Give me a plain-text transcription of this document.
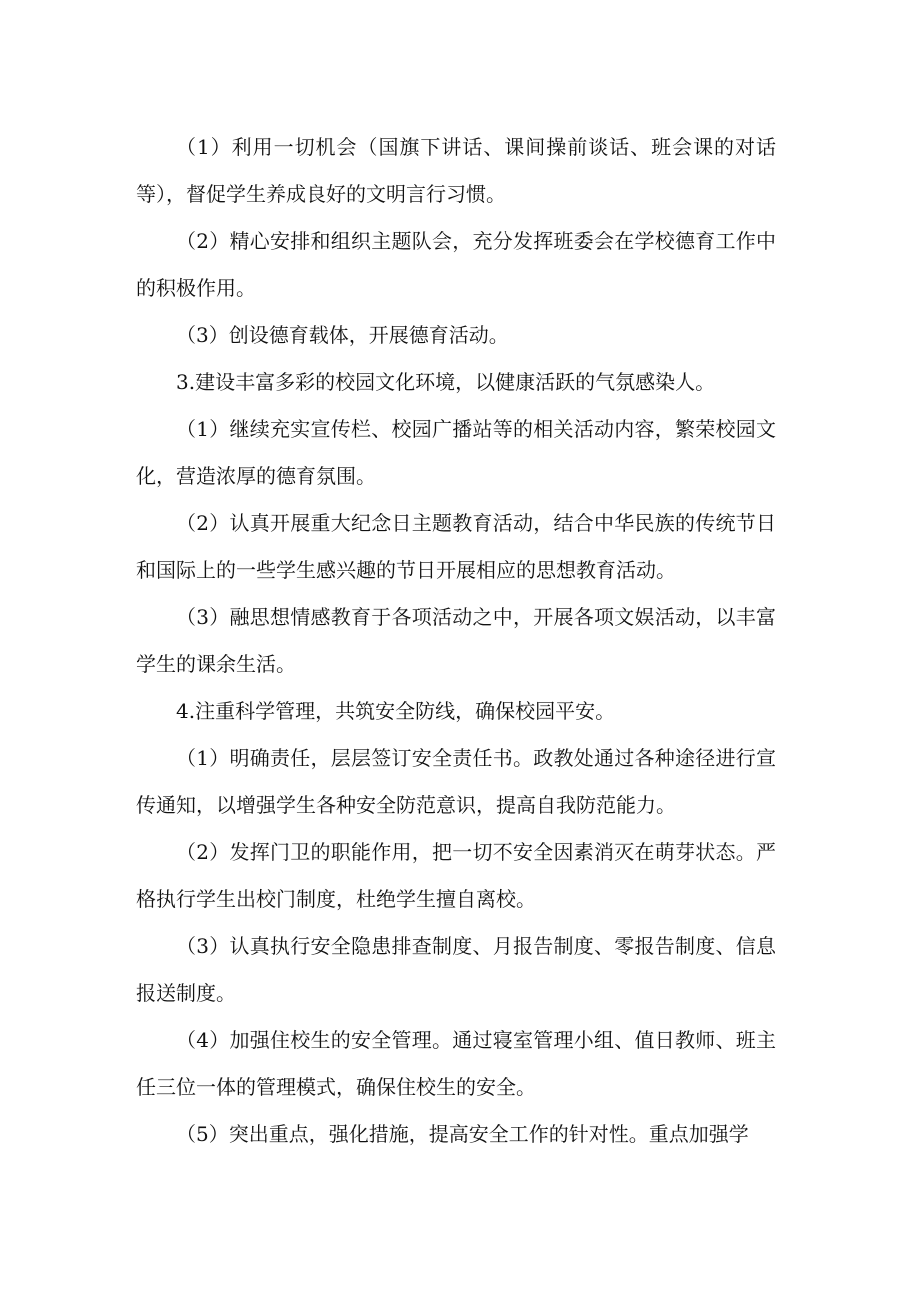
（1）利用一切机会（国旗下讲话、课间操前谈话、班会课的对话等），督促学生养成良好的文明言行习惯。

（2）精心安排和组织主题队会，充分发挥班委会在学校德育工作中的积极作用。

（3）创设德育载体，开展德育活动。

3.建设丰富多彩的校园文化环境，以健康活跃的气氛感染人。

（1）继续充实宣传栏、校园广播站等的相关活动内容，繁荣校园文化，营造浓厚的德育氛围。

（2）认真开展重大纪念日主题教育活动，结合中华民族的传统节日和国际上的一些学生感兴趣的节日开展相应的思想教育活动。

（3）融思想情感教育于各项活动之中，开展各项文娱活动，以丰富学生的课余生活。

4.注重科学管理，共筑安全防线，确保校园平安。

（1）明确责任，层层签订安全责任书。政教处通过各种途径进行宣传通知，以增强学生各种安全防范意识，提高自我防范能力。

（2）发挥门卫的职能作用，把一切不安全因素消灭在萌芽状态。严格执行学生出校门制度，杜绝学生擅自离校。

（3）认真执行安全隐患排查制度、月报告制度、零报告制度、信息报送制度。

（4）加强住校生的安全管理。通过寝室管理小组、值日教师、班主任三位一体的管理模式，确保住校生的安全。

（5）突出重点，强化措施，提高安全工作的针对性。重点加强学
